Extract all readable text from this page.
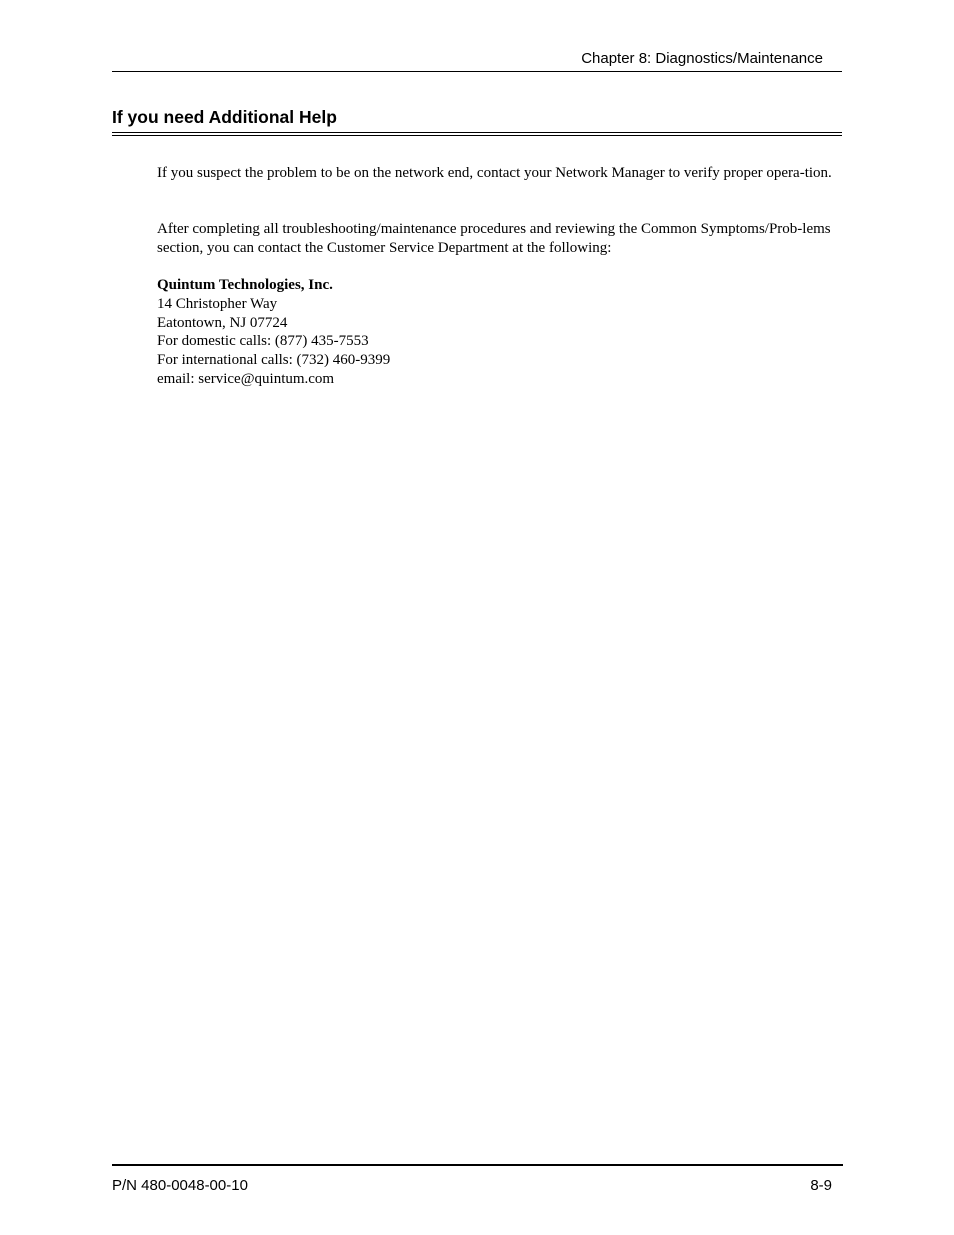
Chapter 8: Diagnostics/Maintenance
If you need Additional Help

If you suspect the problem to be on the network end, contact your Network Manager to verify proper opera-tion.

After completing all troubleshooting/maintenance procedures and reviewing the Common Symptoms/Prob-lems section, you can contact the Customer Service Department at the following:

Quintum Technologies, Inc.
14 Christopher Way
Eatontown, NJ 07724
For domestic calls: (877) 435-7553
For international calls: (732) 460-9399
email: service@quintum.com
P/N 480-0048-00-10	8-9
